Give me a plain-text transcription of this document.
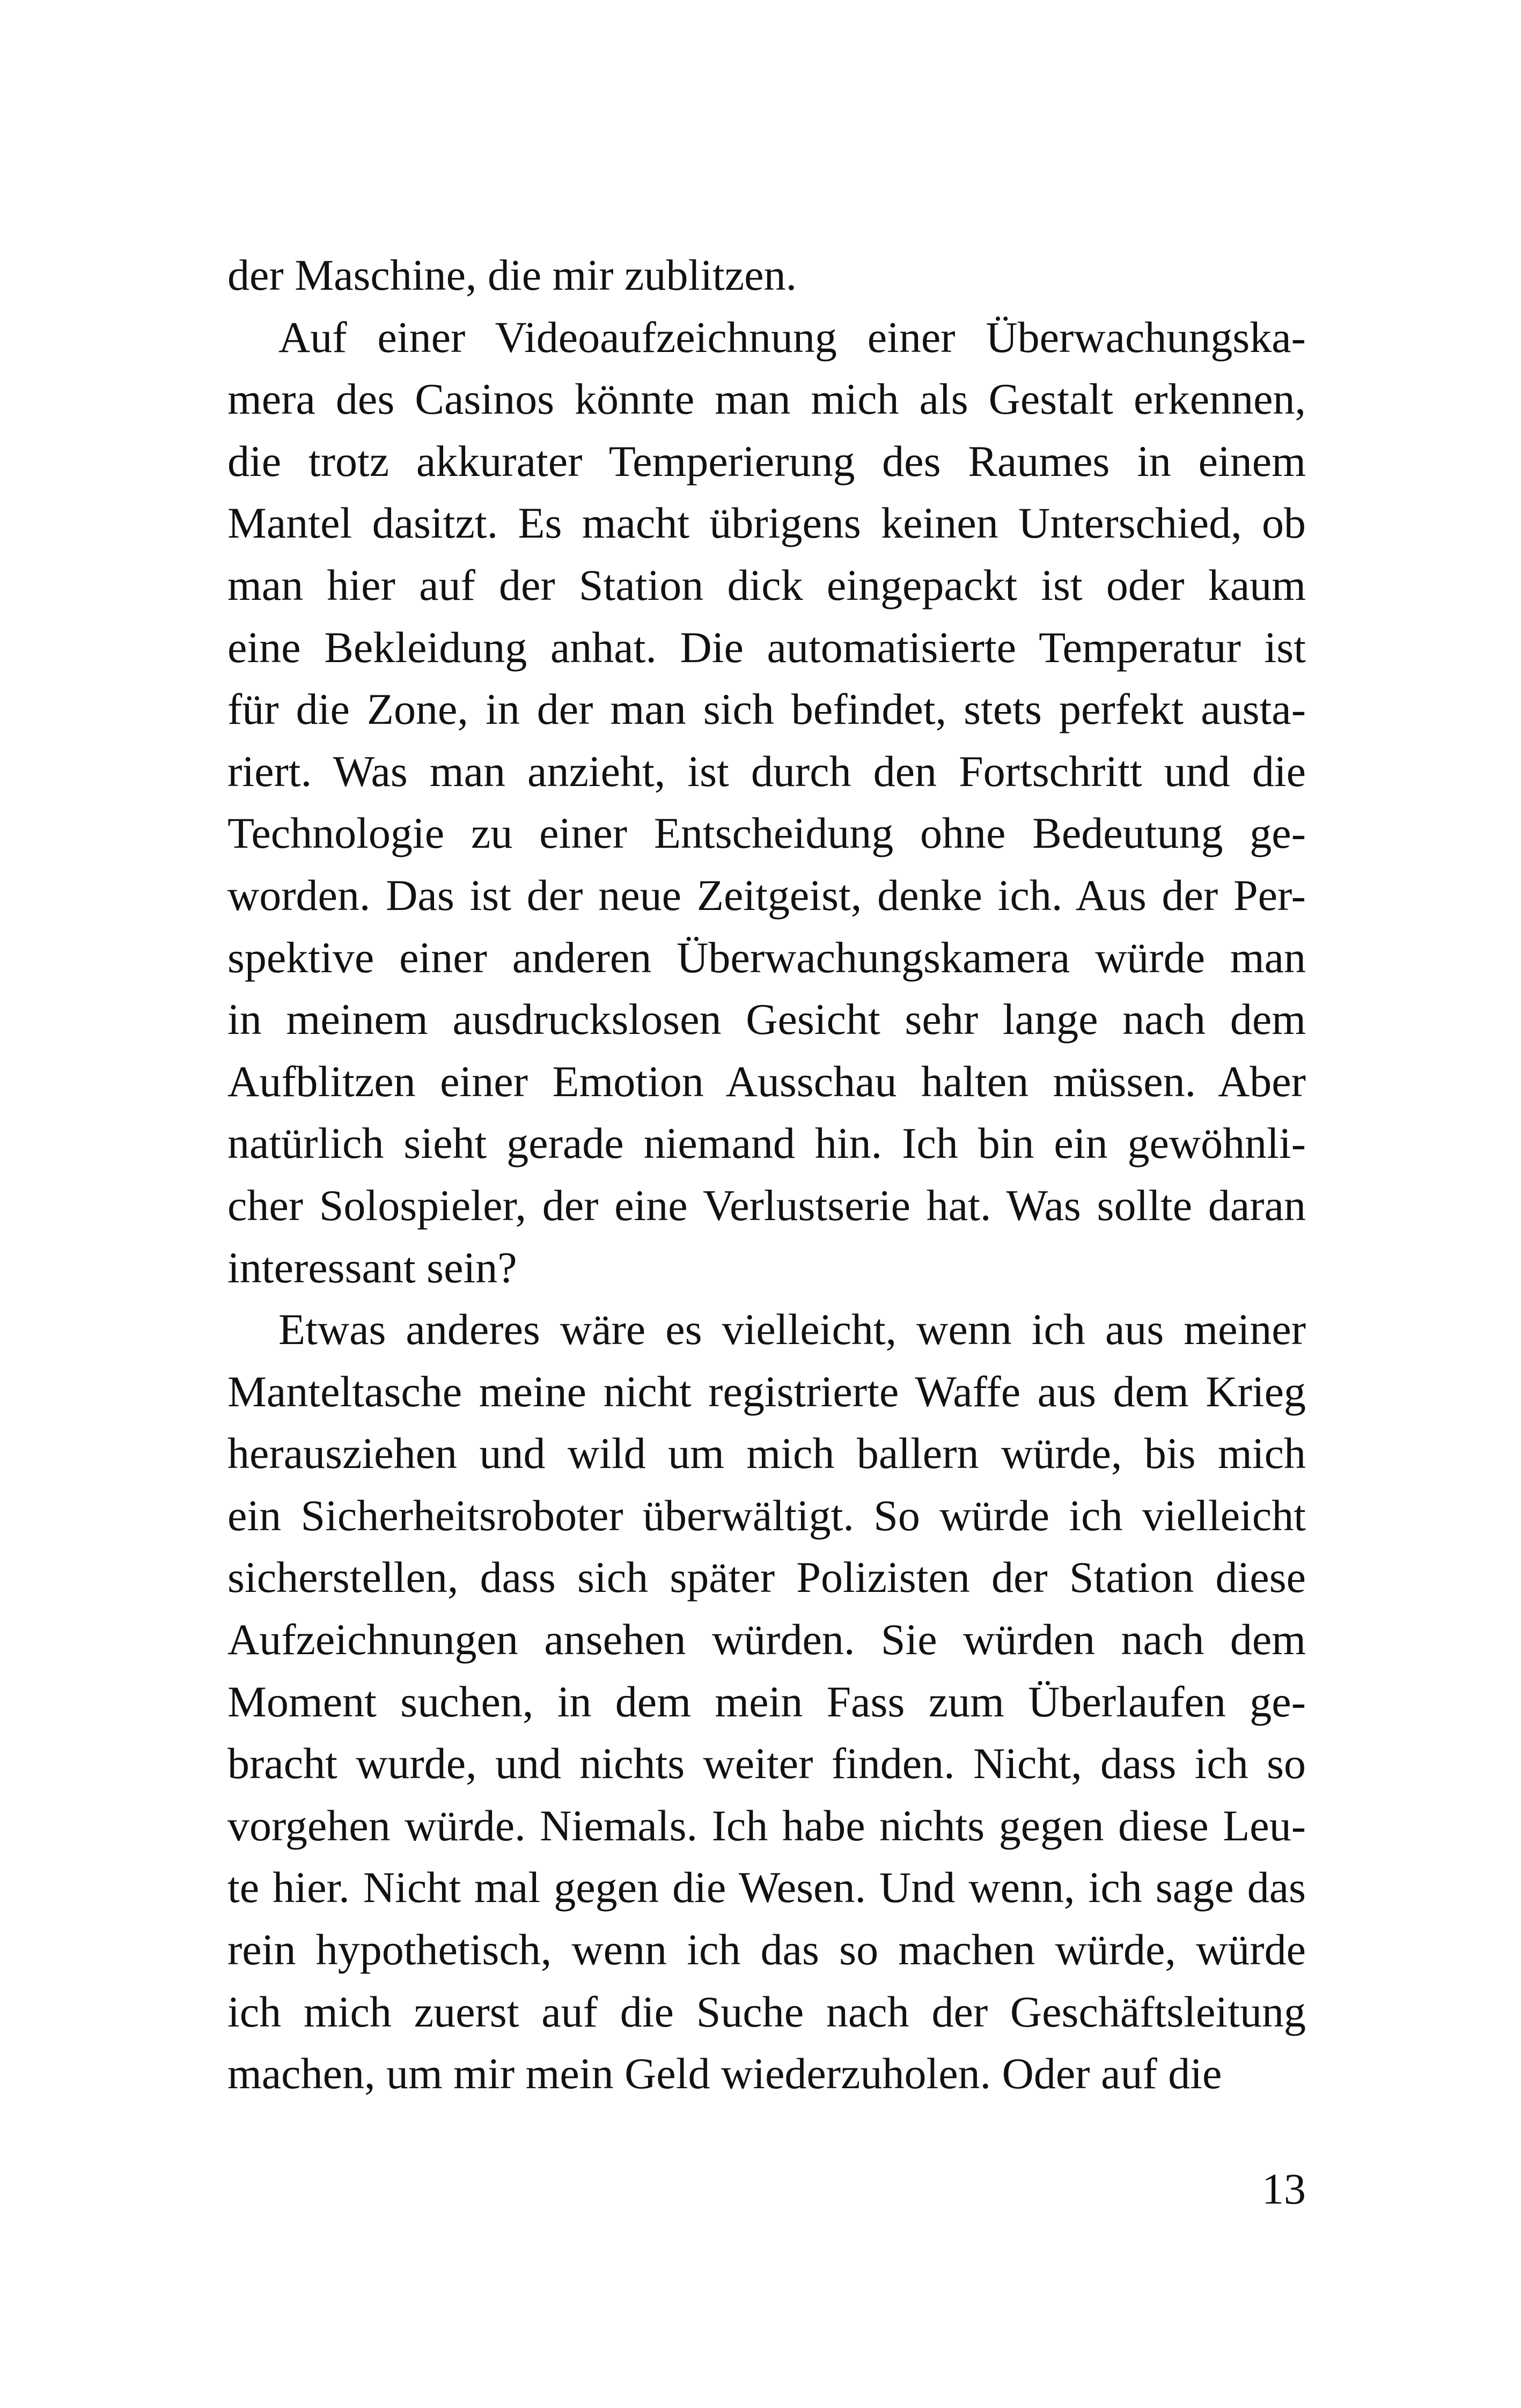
der Maschine, die mir zublitzen.
Auf einer Videoaufzeichnung einer Überwachungska-
mera des Casinos könnte man mich als Gestalt erkennen,
die trotz akkurater Temperierung des Raumes in einem
Mantel dasitzt. Es macht übrigens keinen Unterschied, ob
man hier auf der Station dick eingepackt ist oder kaum
eine Bekleidung anhat. Die automatisierte Temperatur ist
für die Zone, in der man sich befindet, stets perfekt austa-
riert. Was man anzieht, ist durch den Fortschritt und die
Technologie zu einer Entscheidung ohne Bedeutung ge-
worden. Das ist der neue Zeitgeist, denke ich. Aus der Per-
spektive einer anderen Überwachungskamera würde man
in meinem ausdruckslosen Gesicht sehr lange nach dem
Aufblitzen einer Emotion Ausschau halten müssen. Aber
natürlich sieht gerade niemand hin. Ich bin ein gewöhnli-
cher Solospieler, der eine Verlustserie hat. Was sollte daran
interessant sein?
Etwas anderes wäre es vielleicht, wenn ich aus meiner
Manteltasche meine nicht registrierte Waffe aus dem Krieg
herausziehen und wild um mich ballern würde, bis mich
ein Sicherheitsroboter überwältigt. So würde ich vielleicht
sicherstellen, dass sich später Polizisten der Station diese
Aufzeichnungen ansehen würden. Sie würden nach dem
Moment suchen, in dem mein Fass zum Überlaufen ge-
bracht wurde, und nichts weiter finden. Nicht, dass ich so
vorgehen würde. Niemals. Ich habe nichts gegen diese Leu-
te hier. Nicht mal gegen die Wesen. Und wenn, ich sage das
rein hypothetisch, wenn ich das so machen würde, würde
ich mich zuerst auf die Suche nach der Geschäftsleitung
machen, um mir mein Geld wiederzuholen. Oder auf die
13
